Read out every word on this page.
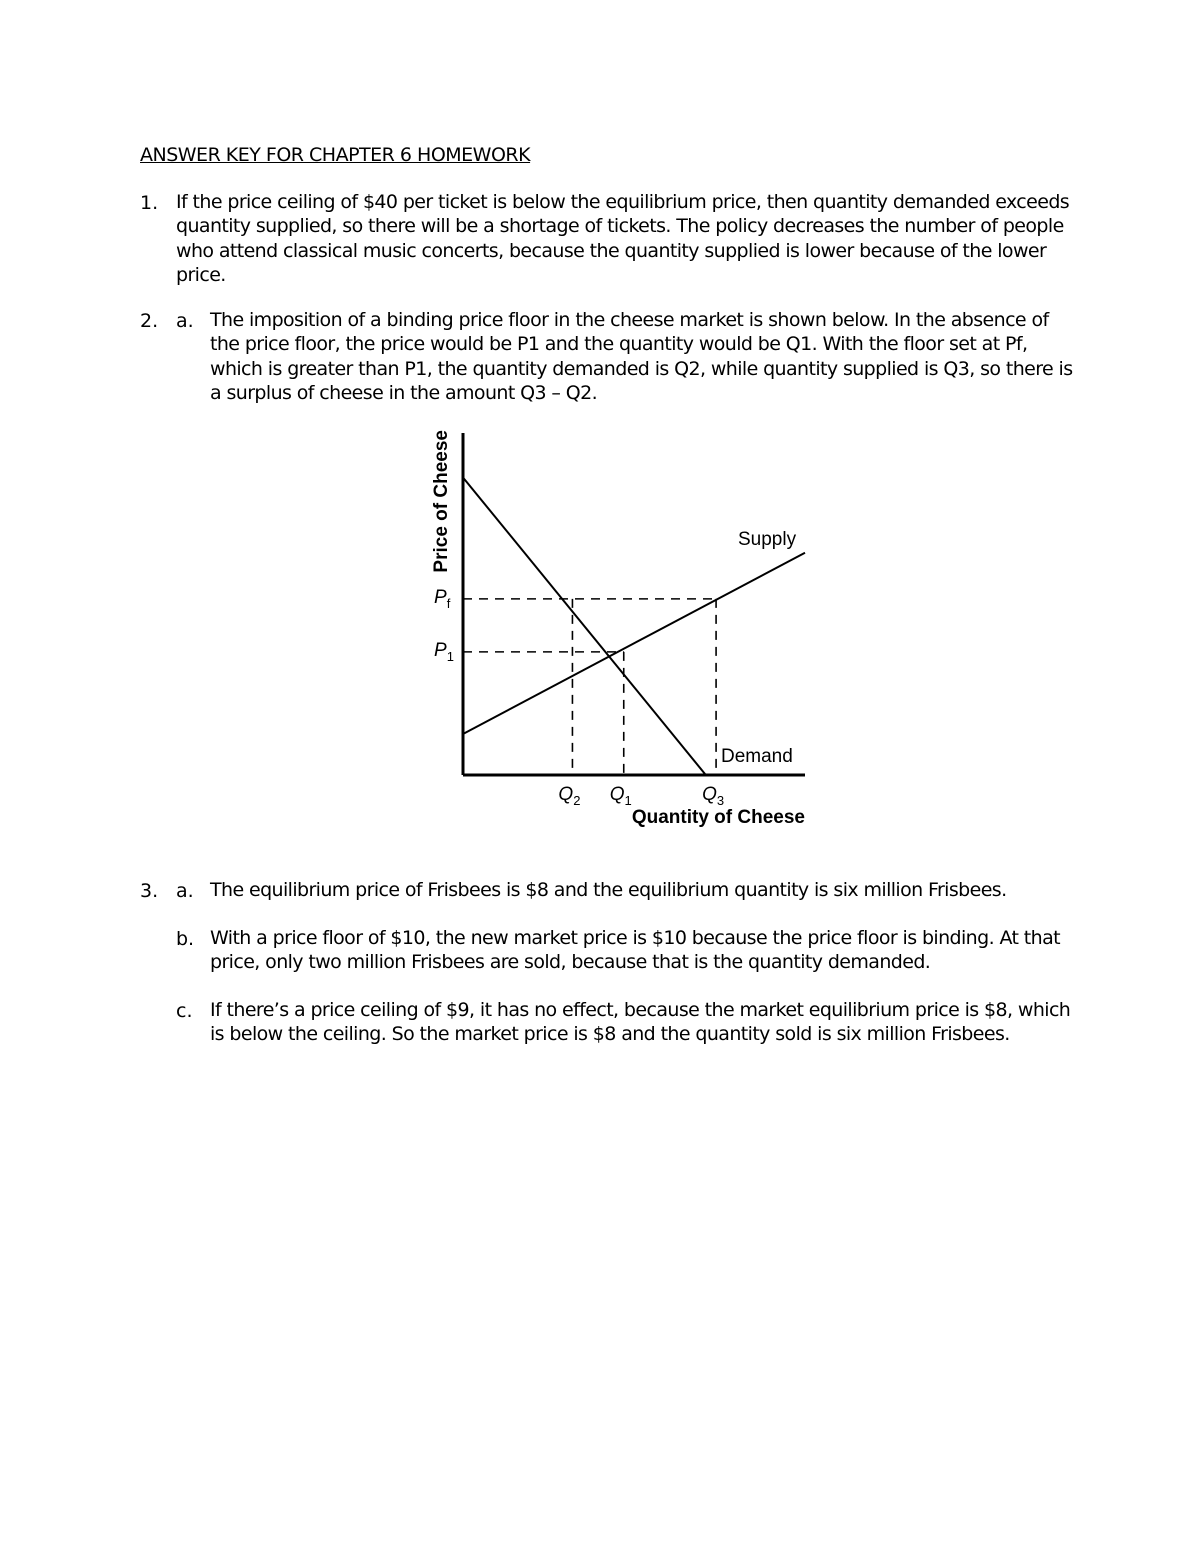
ANSWER KEY FOR CHAPTER 6 HOMEWORK
1. If the price ceiling of $40 per ticket is below the equilibrium price, then quantity demanded exceeds quantity supplied, so there will be a shortage of tickets. The policy decreases the number of people who attend classical music concerts, because the quantity supplied is lower because of the lower price.
2. a. The imposition of a binding price floor in the cheese market is shown below. In the absence of the price floor, the price would be P1 and the quantity would be Q1. With the floor set at Pf, which is greater than P1, the quantity demanded is Q2, while quantity supplied is Q3, so there is a surplus of cheese in the amount Q3 – Q2.
$P_f$
$P_1$
$Q_2$ $Q_1$	$Q_3$
Supply
Demand
Quantity of Cheese
Price of Cheese
3. a. The equilibrium price of Frisbees is $8 and the equilibrium quantity is six million Frisbees.
b. With a price floor of $10, the new market price is $10 because the price floor is binding. At that price, only two million Frisbees are sold, because that is the quantity demanded.
c. If there’s a price ceiling of $9, it has no effect, because the market equilibrium price is $8, which is below the ceiling. So the market price is $8 and the quantity sold is six million Frisbees.
